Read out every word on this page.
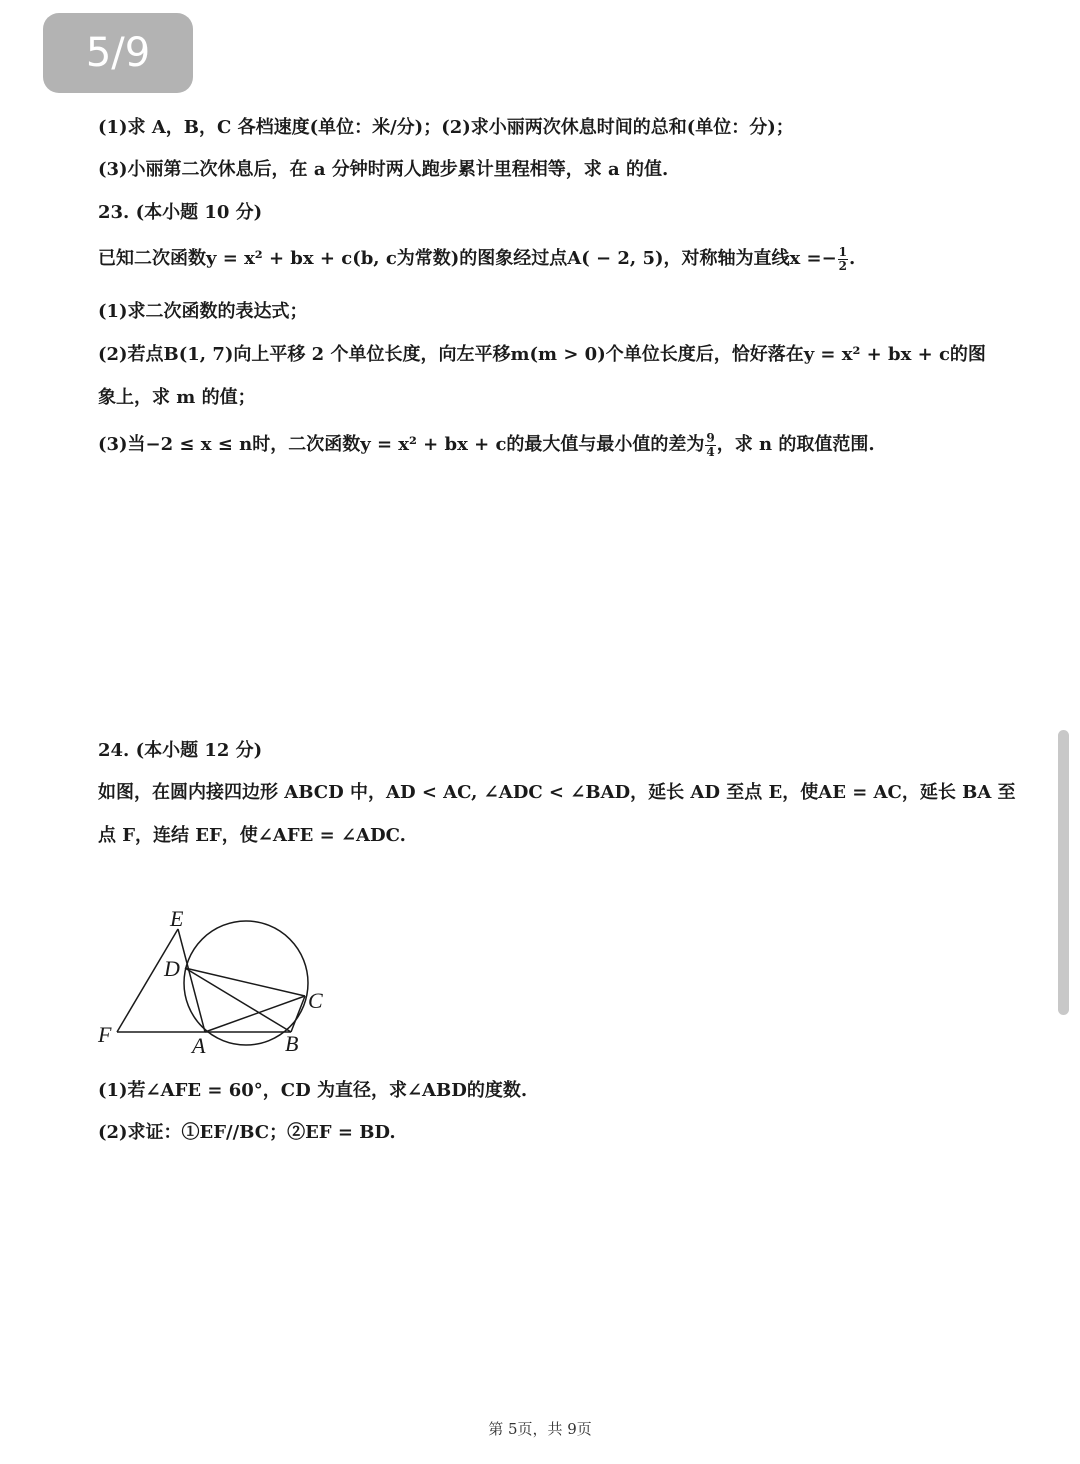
5/9
(1)求 A，B，C 各档速度(单位：米/分)；(2)求小丽两次休息时间的总和(单位：分)；
(3)小丽第二次休息后，在 a 分钟时两人跑步累计里程相等，求 a 的值.
23. (本小题 10 分)
已知二次函数y = x² + bx + c(b, c为常数)的图象经过点A( − 2, 5)，对称轴为直线$x =- \frac{1}{2}$ .
(1)求二次函数的表达式；
(2)若点B(1, 7)向上平移 2 个单位长度，向左平移m(m > 0)个单位长度后，恰好落在y = x² + bx + c的图
象上，求 m 的值；
(3)当−2 ≤ x ≤ n时，二次函数y = x² + bx + c的最大值与最小值的差为 $\frac{9}{4}$ ，求 n 的取值范围.
24. (本小题 12 分)
如图，在圆内接四边形 ABCD 中，AD < AC, ∠ADC < ∠BAD，延长 AD 至点 E，使AE = AC，延长 BA 至
点 F，连结 EF，使∠AFE = ∠ADC.
E
D
C
F	A	B
(1)若∠AFE = 60°，CD 为直径，求∠ABD的度数.
(2)求证：①EF//BC；②EF = BD.
第 5页，共 9页
